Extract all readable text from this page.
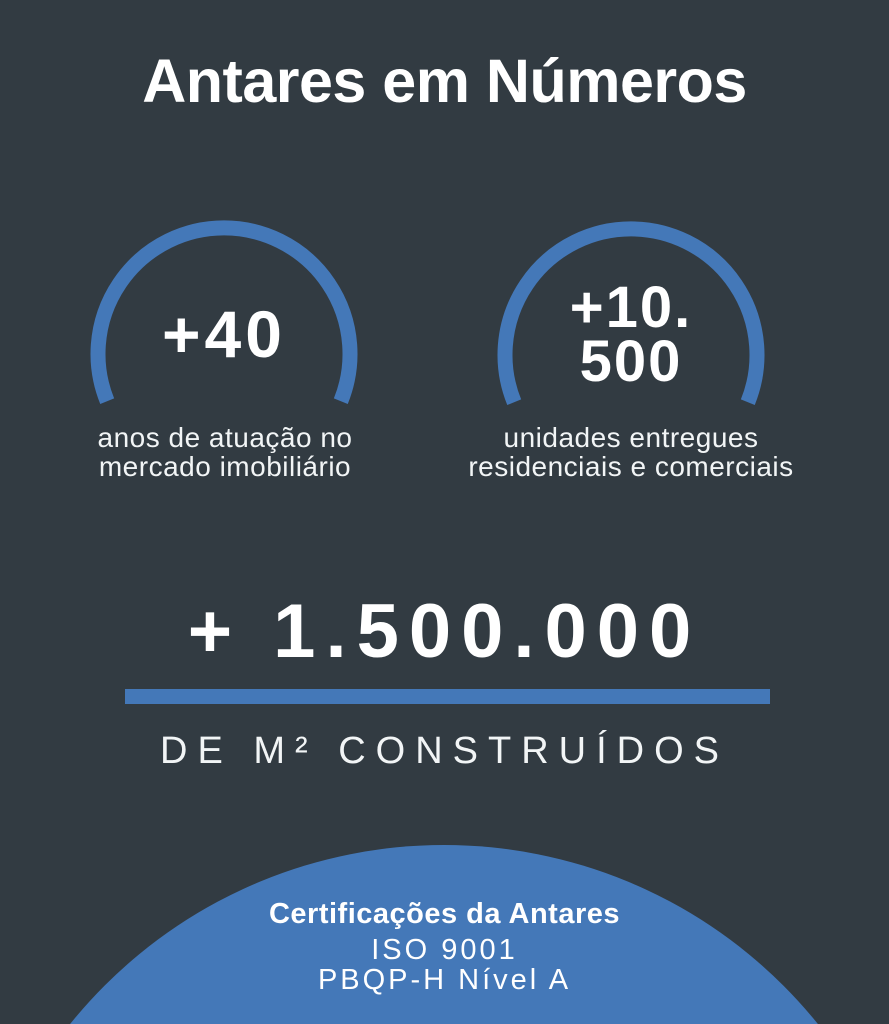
Antares em Números
+40
anos de atuação no
mercado imobiliário
+10.
500
unidades entregues
residenciais e comerciais
+ 1.500.000
DE M² CONSTRUÍDOS
Certificações da Antares
ISO 9001
PBQP-H Nível A
